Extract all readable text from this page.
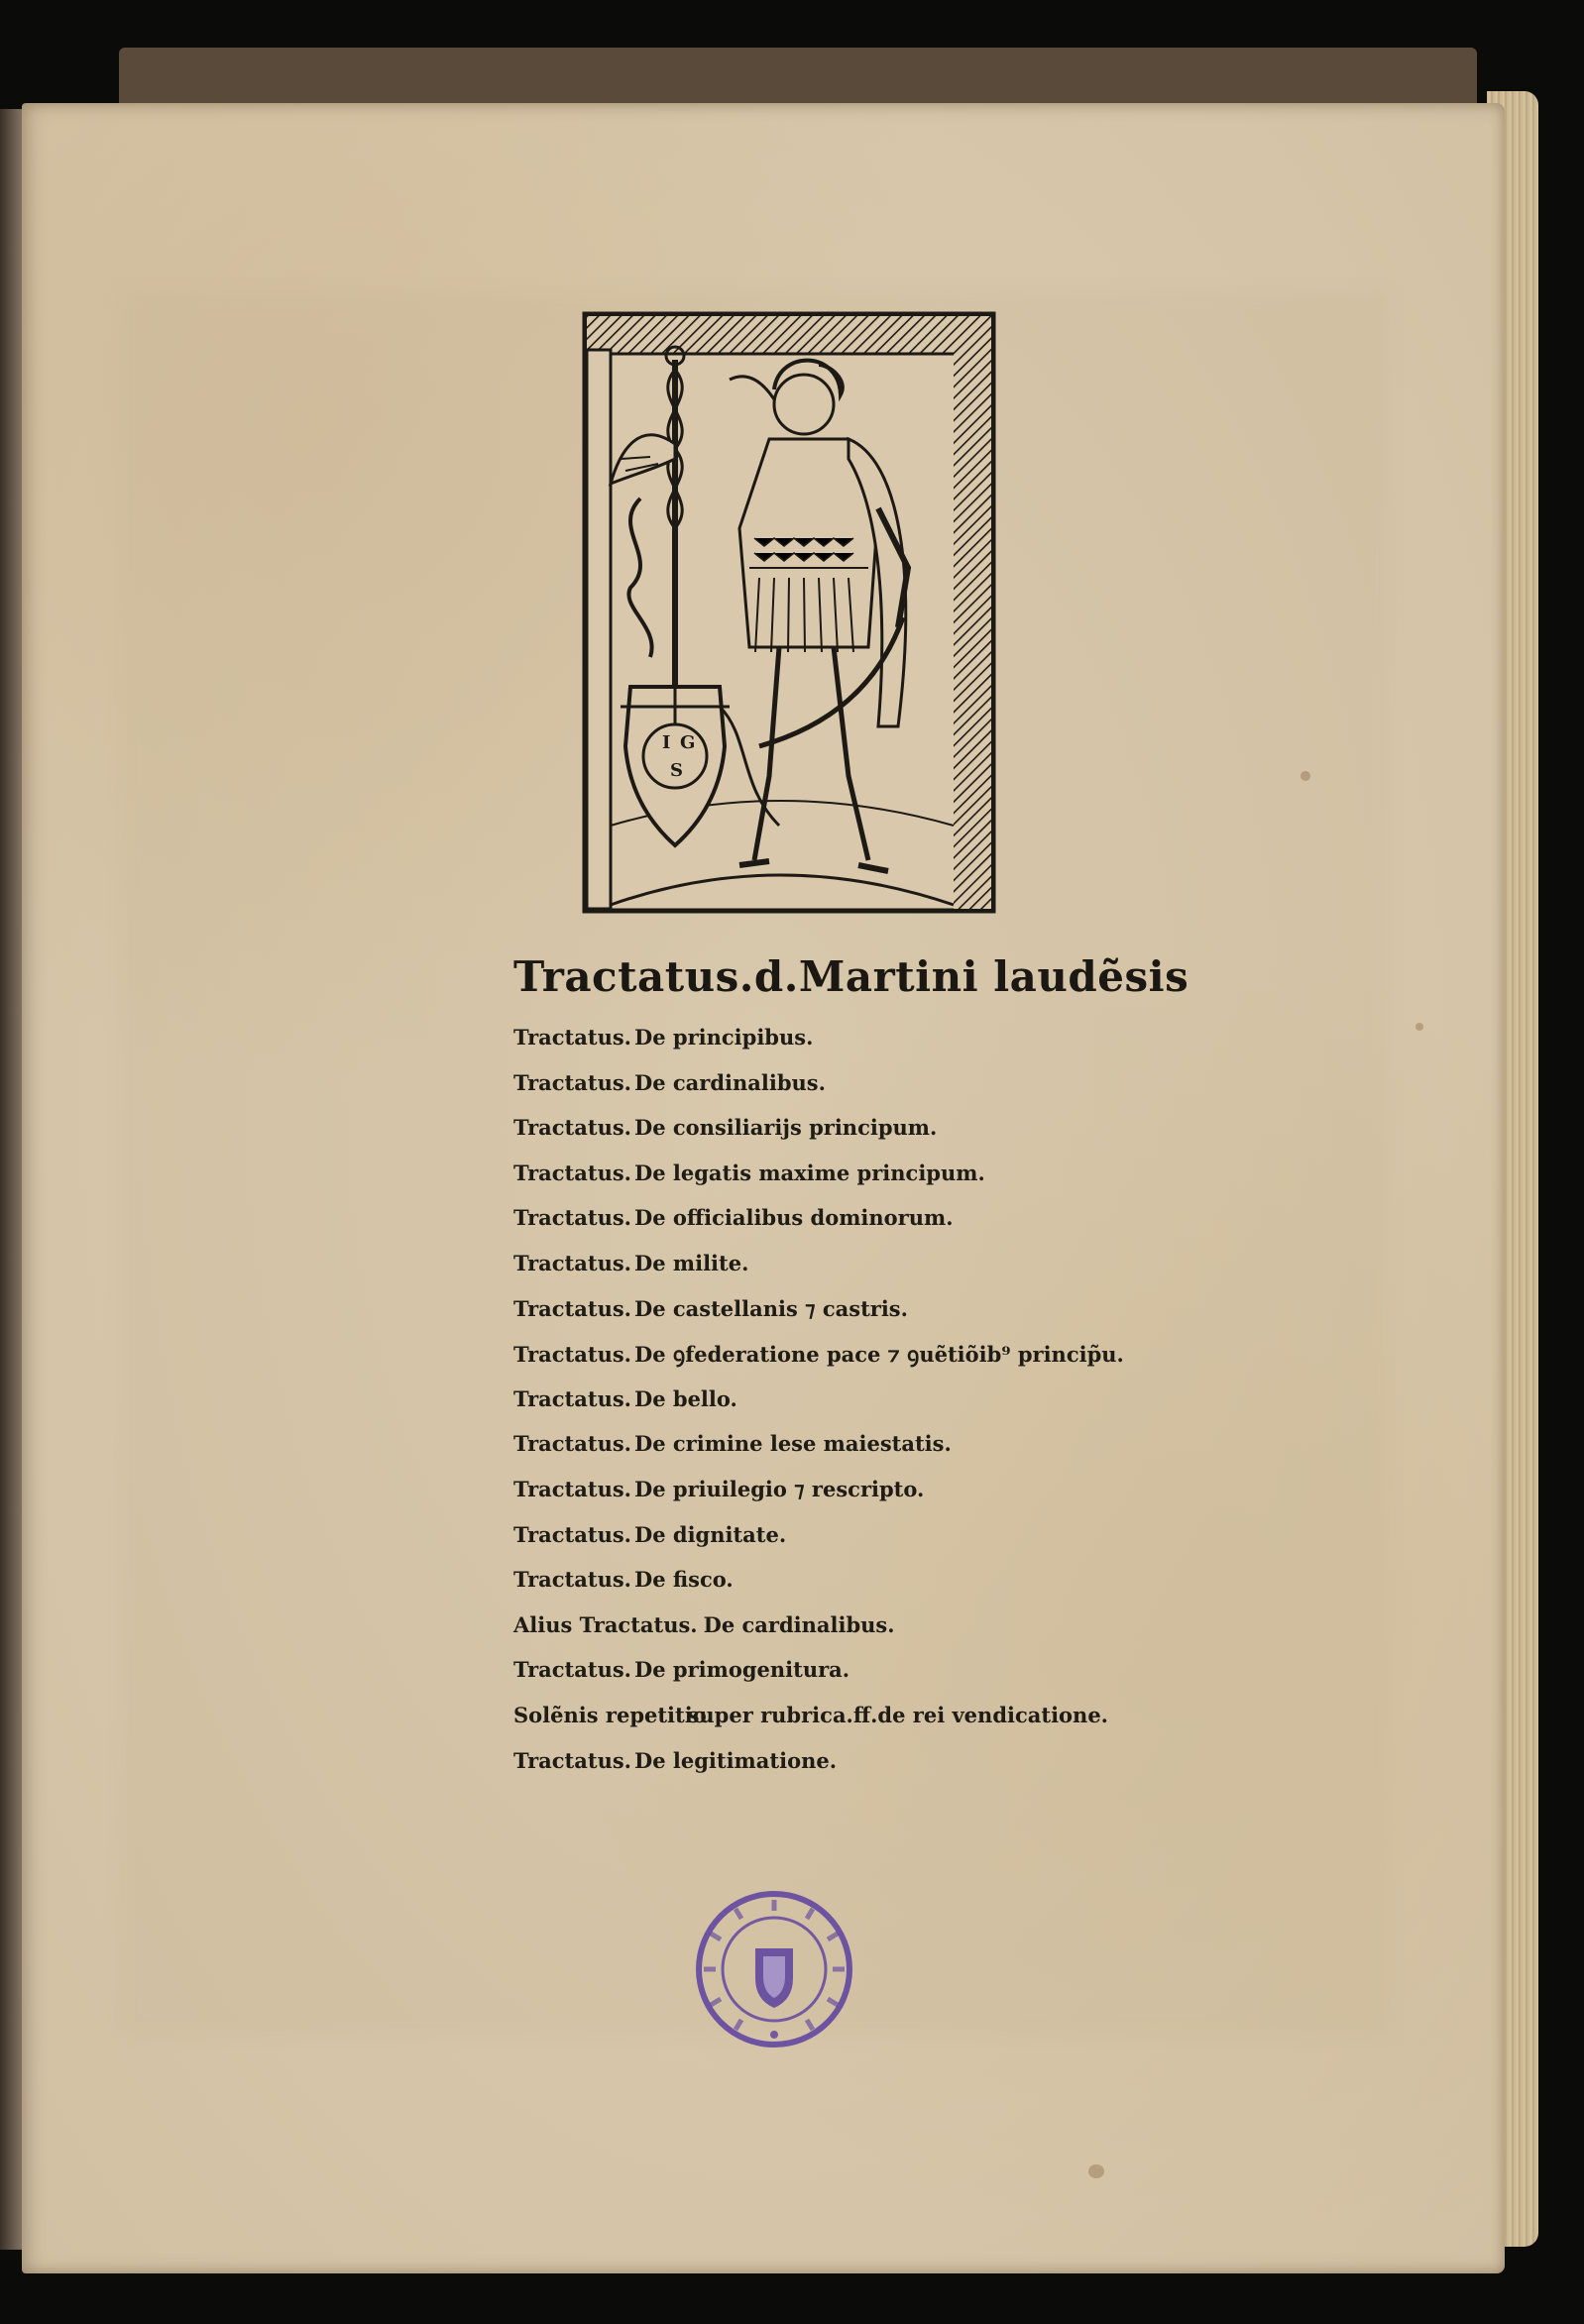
I G
S
Tractatus.d.Martini laudẽsis
Tractatus. De principibus.
Tractatus. De cardinalibus.
Tractatus. De consiliarijs principum.
Tractatus. De legatis maxime principum.
Tractatus. De officialibus dominorum.
Tractatus. De milite.
Tractatus. De castellanis ⁊ castris.
Tractatus. De ꝯfederatione pace ⁊ ꝯuẽtiõib⁹ princip̃u.
Tractatus. De bello.
Tractatus. De crimine lese maiestatis.
Tractatus. De priuilegio ⁊ rescripto.
Tractatus. De dignitate.
Tractatus. De fisco.
Alius Tractatus. De cardinalibus.
Tractatus. De primogenitura.
Solẽnis repetitio
super rubrica.ff.de rei vendicatione.
Tractatus. De legitimatione.
